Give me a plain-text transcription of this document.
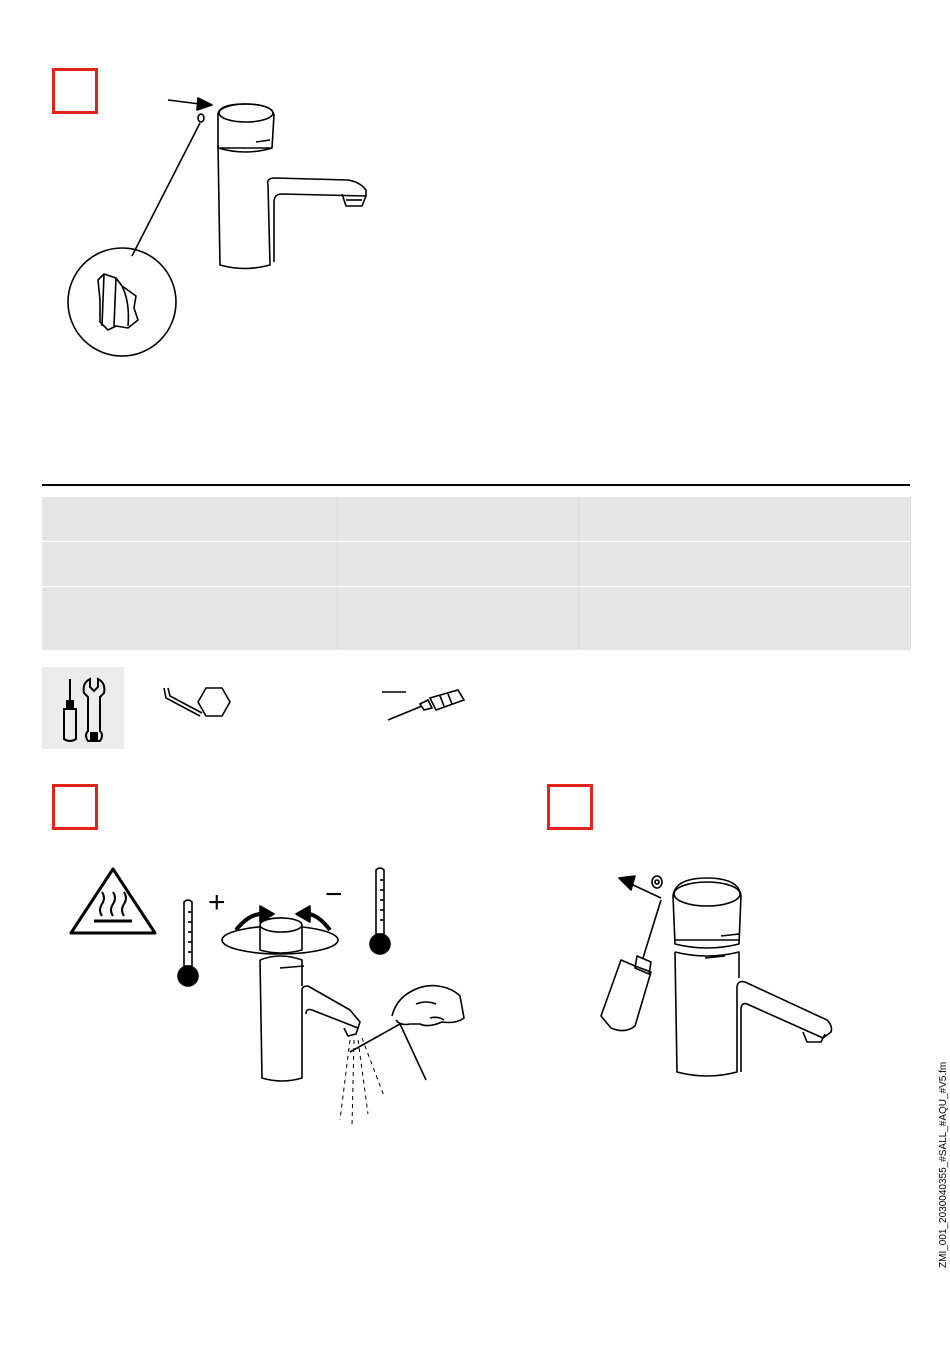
+	−
ZMI_001_2030040355_#SALL_#AQU_#V5.fm
